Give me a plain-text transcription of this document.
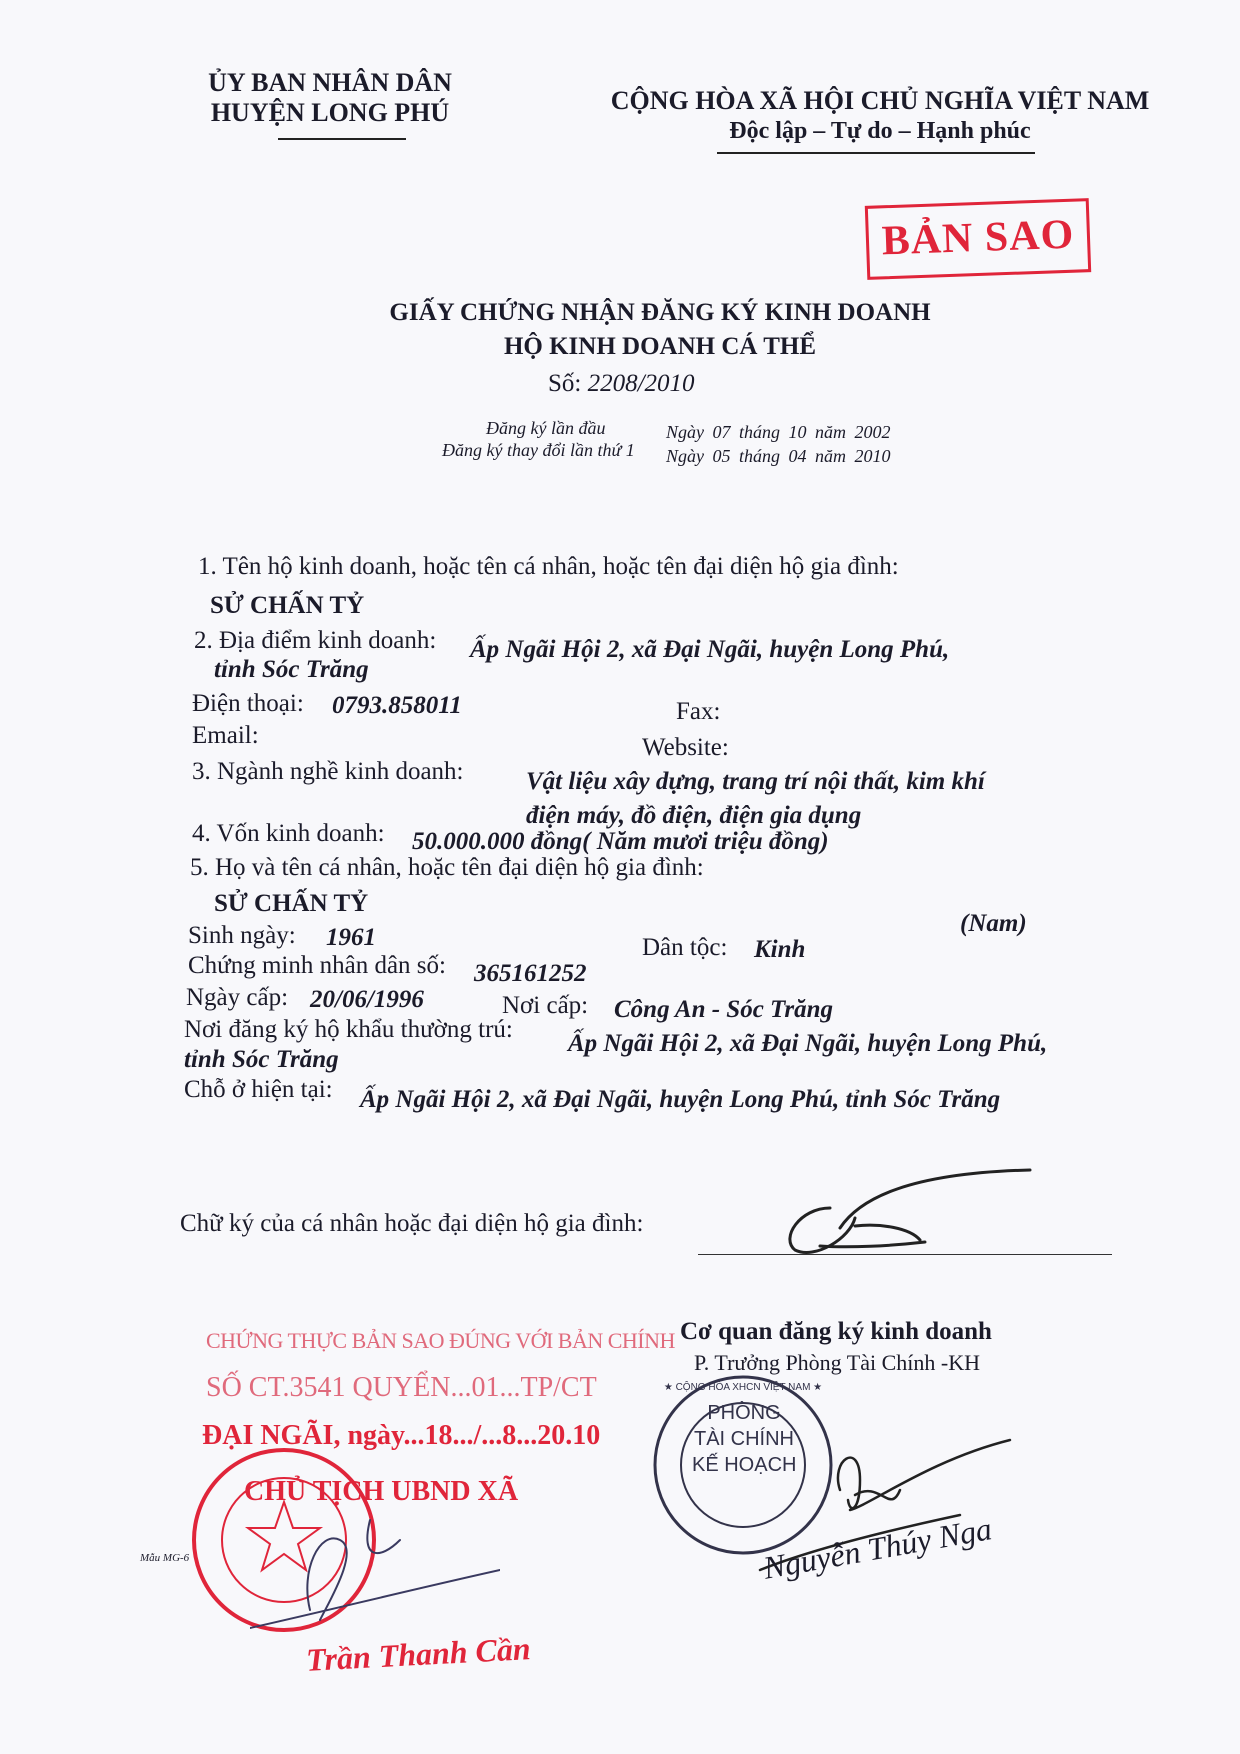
ỦY BAN NHÂN DÂN
HUYỆN LONG PHÚ	CỘNG HÒA XÃ HỘI CHỦ NGHĨA VIỆT NAM
Độc lập – Tự do – Hạnh phúc
BẢN SAO
GIẤY CHỨNG NHẬN ĐĂNG KÝ KINH DOANH
HỘ KINH DOANH CÁ THỂ
Số: 2208/2010
Đăng ký lần đầu	Ngày 07 tháng 10 năm 2002
Đăng ký thay đổi lần thứ 1 Ngày 05 tháng 04 năm 2010
1. Tên hộ kinh doanh, hoặc tên cá nhân, hoặc tên đại diện hộ gia đình:
SỬ CHẤN TỶ
2. Địa điểm kinh doanh: Ấp Ngãi Hội 2, xã Đại Ngãi, huyện Long Phú,
tỉnh Sóc Trăng
Điện thoại: 0793.858011	Fax:
Email:	Website:
3. Ngành nghề kinh doanh:	Vật liệu xây dựng, trang trí nội thất, kim khí
điện máy, đồ điện, điện gia dụng
4. Vốn kinh doanh: 50.000.000 đồng( Năm mươi triệu đồng)
5. Họ và tên cá nhân, hoặc tên đại diện hộ gia đình:
SỬ CHẤN TỶ
(Nam)
Sinh ngày: 1961	Dân tộc: Kinh
Chứng minh nhân dân số: 365161252
Ngày cấp: 20/06/1996	Nơi cấp: Công An - Sóc Trăng
Nơi đăng ký hộ khẩu thường trú:
Ấp Ngãi Hội 2, xã Đại Ngãi, huyện Long Phú,
tỉnh Sóc Trăng
Chỗ ở hiện tại: Ấp Ngãi Hội 2, xã Đại Ngãi, huyện Long Phú, tỉnh Sóc Trăng
Chữ ký của cá nhân hoặc đại diện hộ gia đình:
Cơ quan đăng ký kinh doanh
P. Trưởng Phòng Tài Chính -KH
★ CỘNG HÒA XHCN VIỆT NAM ★
PHÒNG
TÀI CHÍNH
KẾ HOẠCH
Nguyễn Thúy Nga
CHỨNG THỰC BẢN SAO ĐÚNG VỚI BẢN CHÍNH
SỐ CT.3541 QUYỂN...01...TP/CT
ĐẠI NGÃI, ngày...18.../...8...20.10
CHỦ TỊCH UBND XÃ
Trần Thanh Cần
Mẫu MG-6
